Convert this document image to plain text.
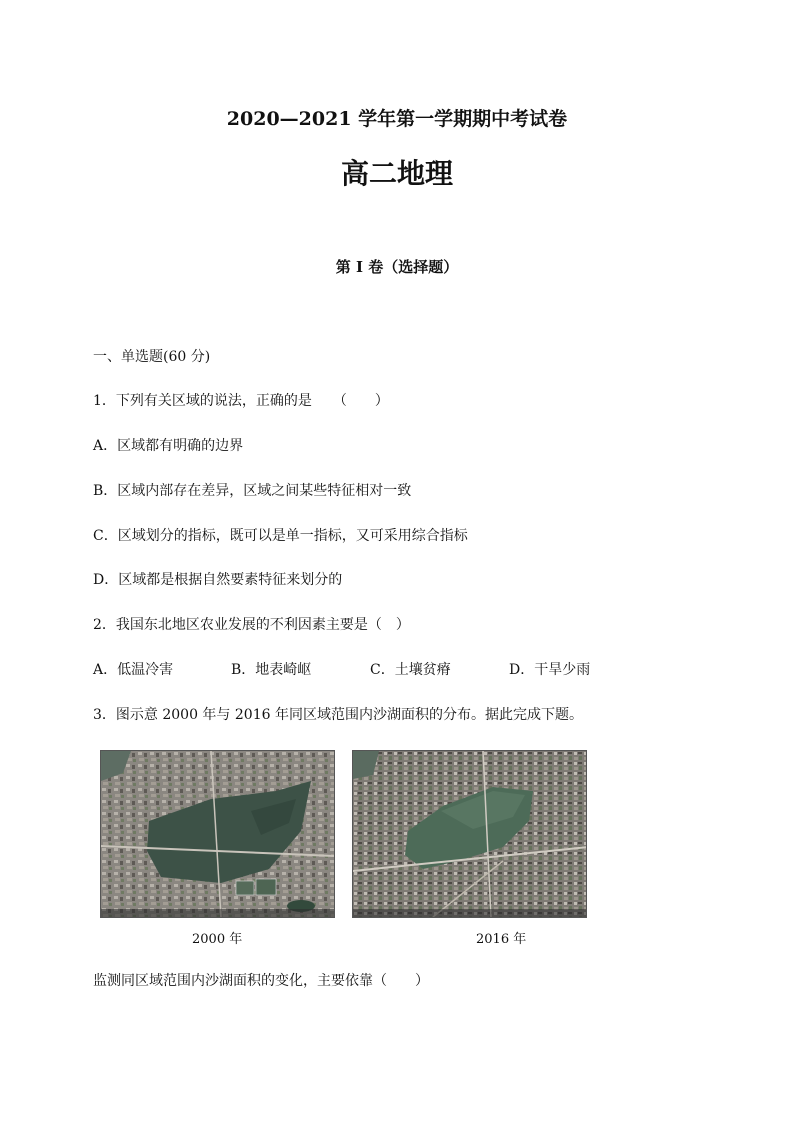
2020—2021 学年第一学期期中考试卷
高二地理
第 I 卷（选择题）
一、单选题(60 分)
1．下列有关区域的说法，正确的是　　（　　）
A．区域都有明确的边界
B．区域内部存在差异，区域之间某些特征相对一致
C．区域划分的指标，既可以是单一指标，又可采用综合指标
D．区域都是根据自然要素特征来划分的
2．我国东北地区农业发展的不利因素主要是（　）
A．低温冷害	B．地表崎岖	C．土壤贫瘠	D．干旱少雨
3．图示意 2000 年与 2016 年同区域范围内沙湖面积的分布。据此完成下题。
2000 年	2016 年
监测同区域范围内沙湖面积的变化，主要依靠（　　）
